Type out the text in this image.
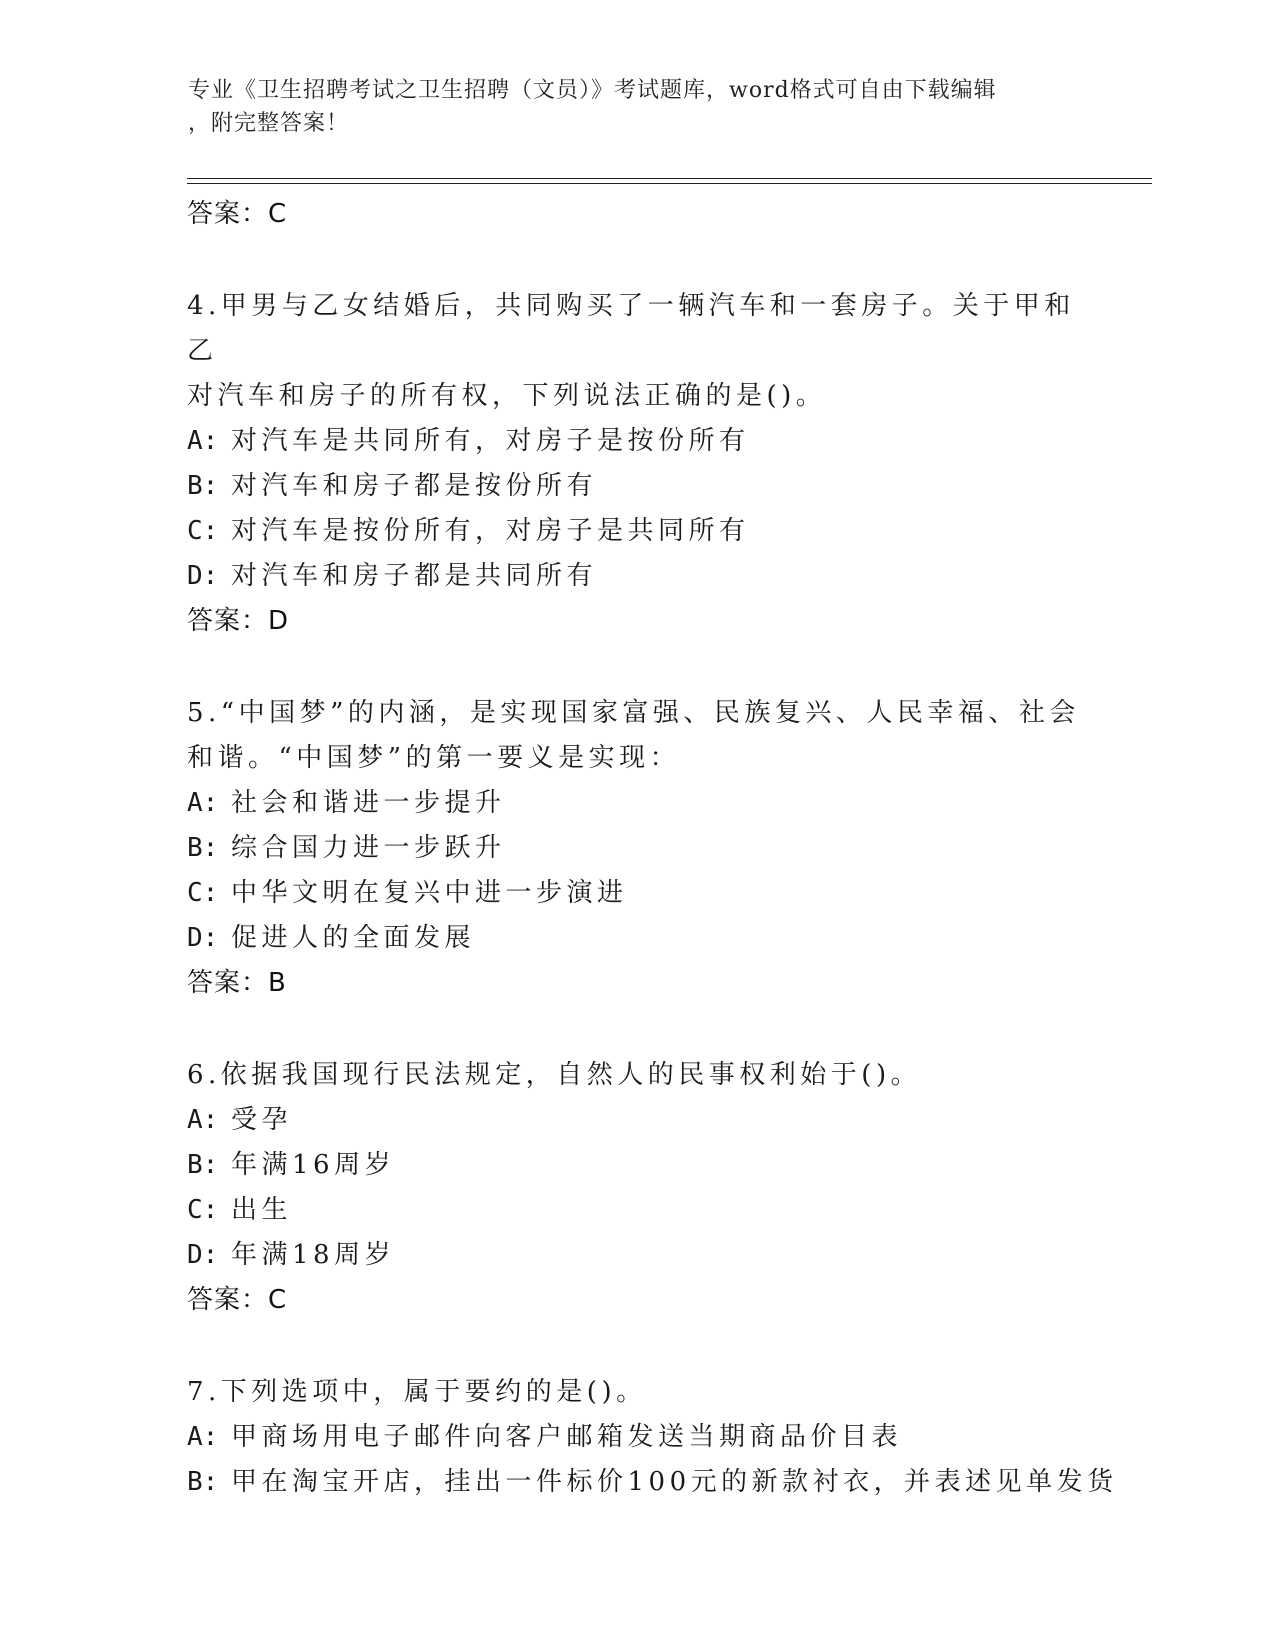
专业《卫生招聘考试之卫生招聘（文员）》考试题库，word格式可自由下载编辑
，附完整答案！
答案：C
4.甲男与乙女结婚后，共同购买了一辆汽车和一套房子。关于甲和乙
对汽车和房子的所有权，下列说法正确的是()。
A: 对汽车是共同所有，对房子是按份所有
B: 对汽车和房子都是按份所有
C: 对汽车是按份所有，对房子是共同所有
D: 对汽车和房子都是共同所有
答案：D
5.“中国梦”的内涵，是实现国家富强、民族复兴、人民幸福、社会
和谐。“中国梦”的第一要义是实现：
A: 社会和谐进一步提升
B: 综合国力进一步跃升
C: 中华文明在复兴中进一步演进
D: 促进人的全面发展
答案：B
6.依据我国现行民法规定，自然人的民事权利始于()。
A: 受孕
B: 年满16周岁
C: 出生
D: 年满18周岁
答案：C
7.下列选项中，属于要约的是()。
A: 甲商场用电子邮件向客户邮箱发送当期商品价目表
B: 甲在淘宝开店，挂出一件标价100元的新款衬衣，并表述见单发货
